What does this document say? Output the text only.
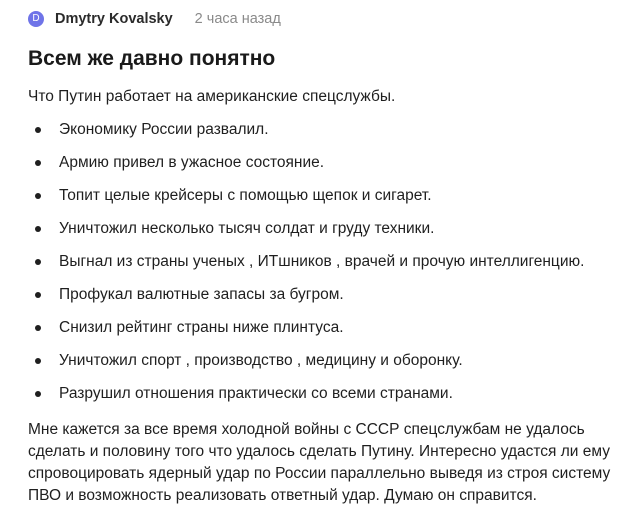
D	Dmytry Kovalsky 2 часа назад
Всем же давно понятно

Что Путин работает на американские спецслужбы.

Экономику России развалил.
Армию привел в ужасное состояние.
Топит целые крейсеры с помощью щепок и сигарет.
Уничтожил несколько тысяч солдат и груду техники.
Выгнал из страны ученых , ИТшников , врачей и прочую интеллигенцию.
Профукал валютные запасы за бугром.
Снизил рейтинг страны ниже плинтуса.
Уничтожил спорт , производство , медицину и оборонку.
Разрушил отношения практически со всеми странами.

Мне кажется за все время холодной войны с СССР спецслужбам не удалось сделать и половину того что удалось сделать Путину. Интересно удастся ли ему спровоцировать ядерный удар по России параллельно выведя из строя систему ПВО и возможность реализовать ответный удар. Думаю он справится.
